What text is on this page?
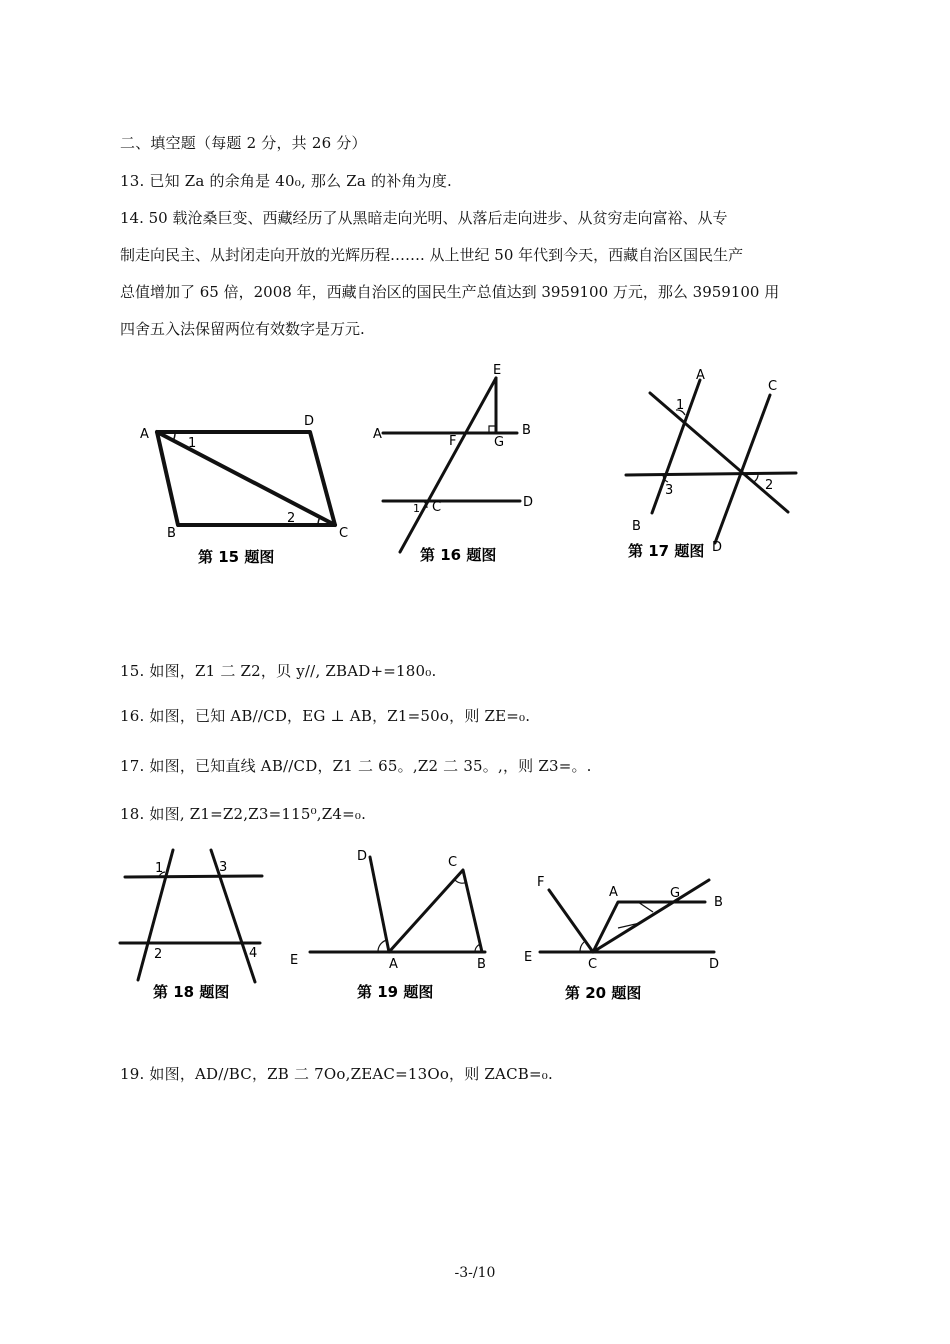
二、填空题（每题 2 分，共 26 分）
13. 已知 Za 的余角是 40₀, 那么 Za 的补角为度.
14. 50 载沧桑巨变、西藏经历了从黑暗走向光明、从落后走向进步、从贫穷走向富裕、从专
制走向民主、从封闭走向开放的光辉历程……. 从上世纪 50 年代到今天，西藏自治区国民生产
总值增加了 65 倍，2008 年，西藏自治区的国民生产总值达到 3959100 万元，那么 3959100 用
四舍五入法保留两位有效数字是万元.
A
D
B	C
1
2
第 15 题图
E
A	B
F	G
C	D
1
第 16 题图
A
C
B
D
1
2
3
第 17 题图
15. 如图，Z1 二 Z2，贝 y//, ZBAD+=180₀.
16. 如图，已知 AB//CD，EG ⊥ AB，Z1=50o，则 ZE=₀.
17. 如图，已知直线 AB//CD，Z1 二 65。,Z2 二 35。,，则 Z3=。.
18. 如图, Z1=Z2,Z3=115⁰,Z4=₀.
1	3
2	4
第 18 题图
D	C
E	A	B
第 19 题图
F
A	G
B
E	C	D
第 20 题图
19. 如图，AD//BC，ZB 二 7Oo,ZEAC=13Oo，则 ZACB=₀.
-3-/10
